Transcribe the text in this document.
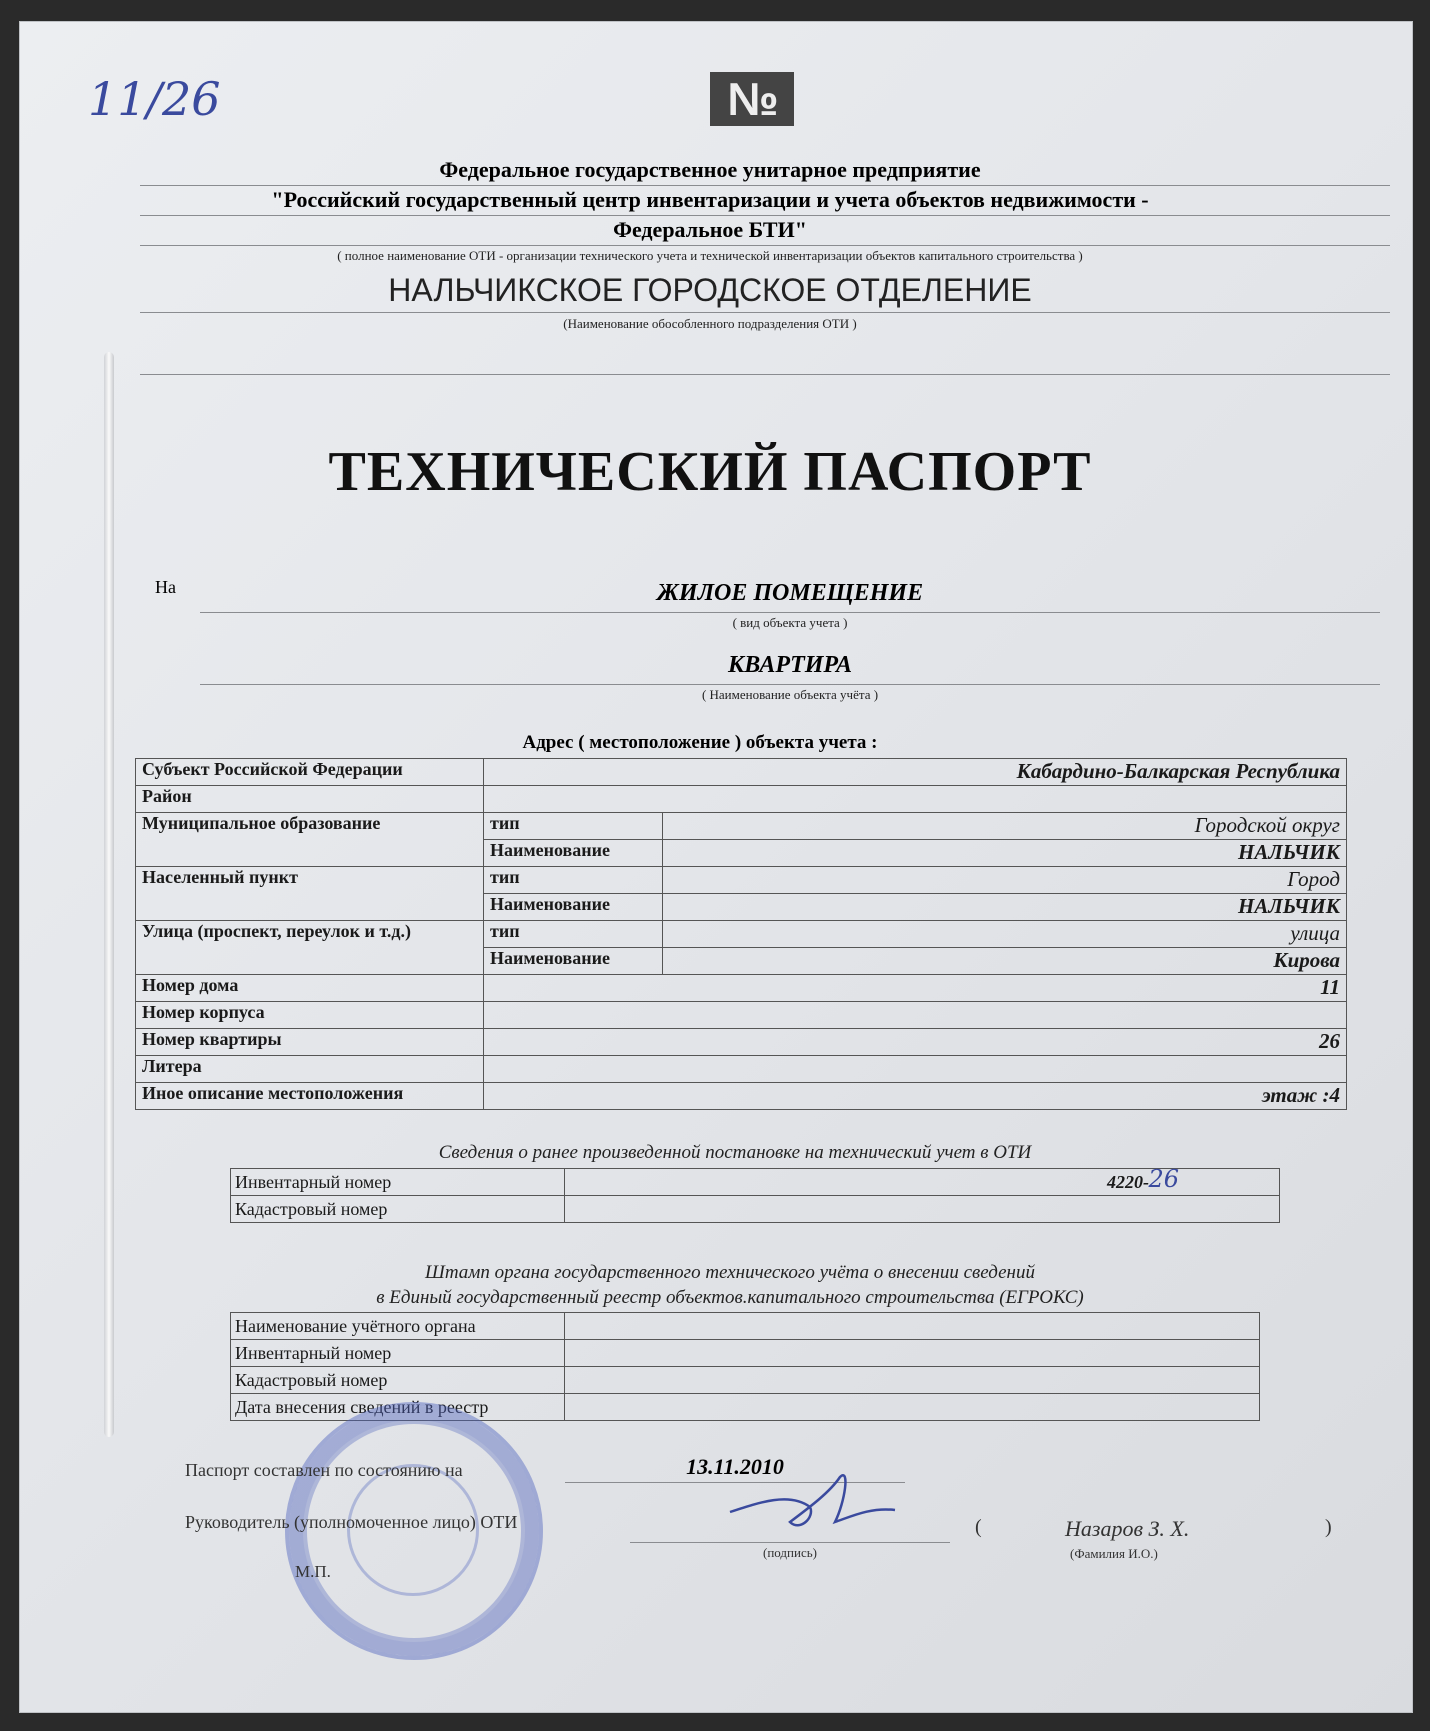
11/26	№
Федеральное государственное унитарное предприятие
"Российский государственный центр инвентаризации и учета объектов недвижимости -
Федеральное БТИ"
( полное наименование ОТИ - организации технического учета и технической инвентаризации объектов капитального строительства )
НАЛЬЧИКСКОЕ ГОРОДСКОЕ ОТДЕЛЕНИЕ
(Наименование обособленного подразделения ОТИ )
ТЕХНИЧЕСКИЙ ПАСПОРТ
На	ЖИЛОЕ ПОМЕЩЕНИЕ
( вид объекта учета )
КВАРТИРА
( Наименование объекта учёта )
Адрес ( местоположение ) объекта учета :
Субъект Российской Федерации	Кабардино-Балкарская Республика	
Район		
Муниципальное образование	тип	Городской округ
	Наименование	НАЛЬЧИК
Населенный пункт	тип	Город
	Наименование	НАЛЬЧИК
Улица (проспект, переулок и т.д.)	тип	улица
	Наименование	Кирова
Номер дома	11	
Номер корпуса		
Номер квартиры	26	
Литера		
Иное описание местоположения	этаж :4	
Сведения о ранее произведенной постановке на технический учет в ОТИ
Инвентарный номер	4220- 26

Кадастровый номер	
Штамп органа государственного технического учёта о внесении сведений
в Единый государственный реестр объектов.капитального строительства (ЕГРОКС)
Наименование учётного органа	
Инвентарный номер	
Кадастровый номер	
Дата внесения сведений в реестр	
Паспорт составлен по состоянию на	13.11.2010
Руководитель (уполномоченное лицо) ОТИ
(подпись)
(	Назаров З. Х.	)
(Фамилия И.О.)
М.П.
